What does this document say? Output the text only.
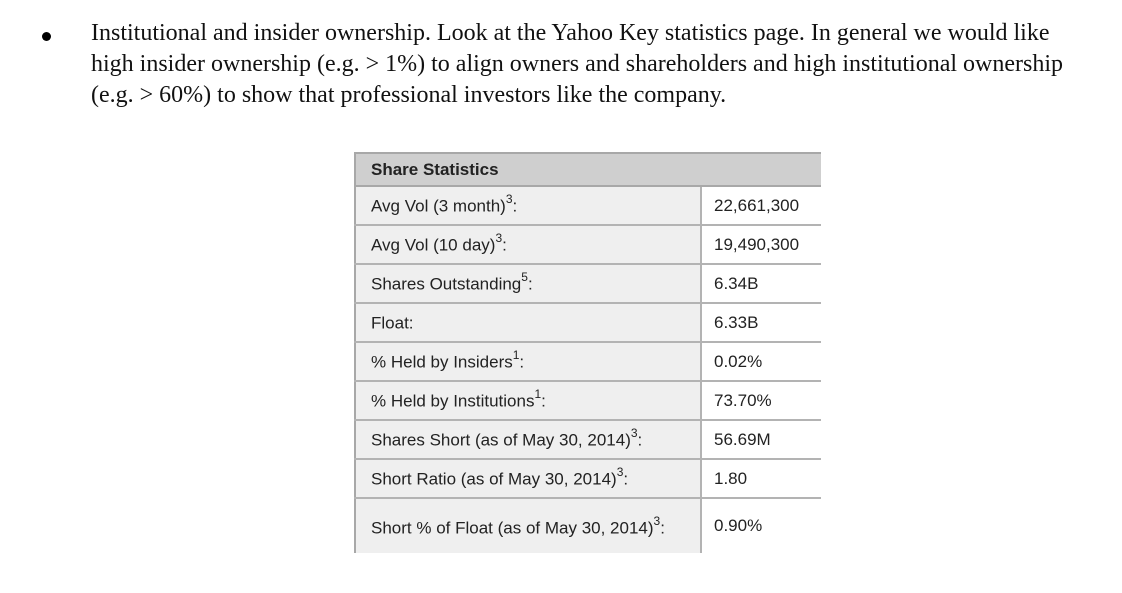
Institutional and insider ownership. Look at the Yahoo Key statistics page. In general we would like high insider ownership (e.g. > 1%) to align owners and shareholders and high institutional ownership (e.g. > 60%) to show that professional investors like the company.
Share Statistics	
Avg Vol (3 month)$^3$:	22,661,300
Avg Vol (10 day)$^3$:	19,490,300
Shares Outstanding$^5$:	6.34B
Float:	6.33B
% Held by Insiders$^1$:	0.02%
% Held by Institutions$^1$:	73.70%
Shares Short (as of May 30, 2014)$^3$:	56.69M
Short Ratio (as of May 30, 2014)$^3$:	1.80
Short % of Float (as of May 30, 2014)$^3$:	0.90%
